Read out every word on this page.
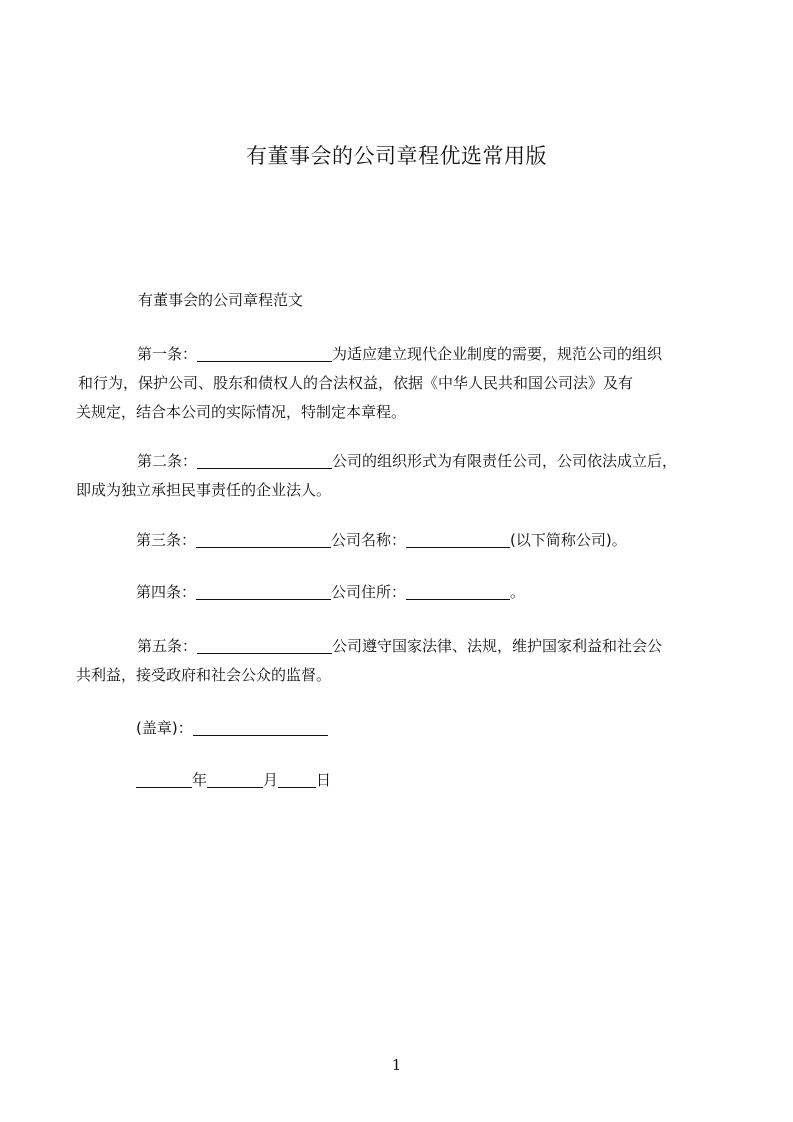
有董事会的公司章程优选常用版
有董事会的公司章程范文
第一条：	为适应建立现代企业制度的需要，规范公司的组织
和行为，保护公司、股东和债权人的合法权益，依据《中华人民共和国公司法》及有
关规定，结合本公司的实际情况，特制定本章程。
第二条：	公司的组织形式为有限责任公司，公司依法成立后，
即成为独立承担民事责任的企业法人。
第三条：	公司名称：	(以下简称公司)。
第四条：	公司住所：	。
第五条：	公司遵守国家法律、法规，维护国家利益和社会公
共利益，接受政府和社会公众的监督。
(盖章)：
年	月	日
1
